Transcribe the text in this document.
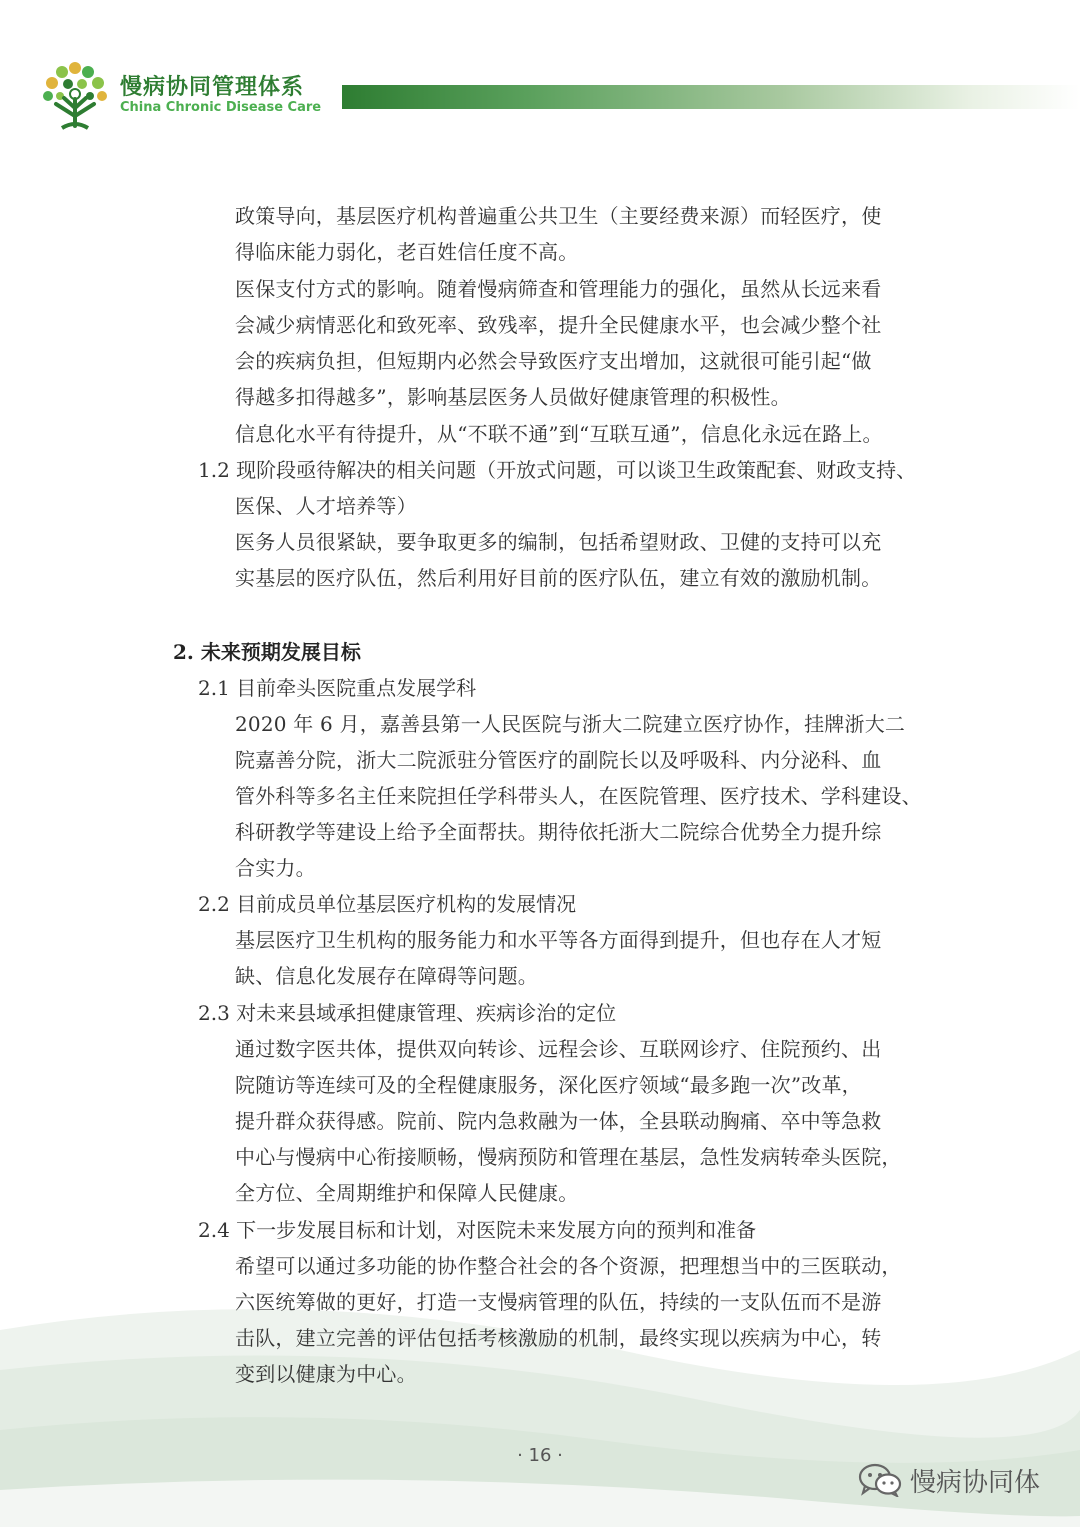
慢病协同管理体系
China Chronic Disease Care
政策导向，基层医疗机构普遍重公共卫生（主要经费来源）而轻医疗，使
得临床能力弱化，老百姓信任度不高。
医保支付方式的影响。随着慢病筛查和管理能力的强化，虽然从长远来看
会减少病情恶化和致死率、致残率，提升全民健康水平，也会减少整个社
会的疾病负担，但短期内必然会导致医疗支出增加，这就很可能引起“做
得越多扣得越多”，影响基层医务人员做好健康管理的积极性。
信息化水平有待提升，从“不联不通”到“互联互通”，信息化永远在路上。
1.2 现阶段亟待解决的相关问题（开放式问题，可以谈卫生政策配套、财政支持、
医保、人才培养等）
医务人员很紧缺，要争取更多的编制，包括希望财政、卫健的支持可以充
实基层的医疗队伍，然后利用好目前的医疗队伍，建立有效的激励机制。
2. 未来预期发展目标
2.1 目前牵头医院重点发展学科
2020 年 6 月，嘉善县第一人民医院与浙大二院建立医疗协作，挂牌浙大二
院嘉善分院，浙大二院派驻分管医疗的副院长以及呼吸科、内分泌科、血
管外科等多名主任来院担任学科带头人，在医院管理、医疗技术、学科建设、
科研教学等建设上给予全面帮扶。期待依托浙大二院综合优势全力提升综
合实力。
2.2 目前成员单位基层医疗机构的发展情况
基层医疗卫生机构的服务能力和水平等各方面得到提升，但也存在人才短
缺、信息化发展存在障碍等问题。
2.3 对未来县域承担健康管理、疾病诊治的定位
通过数字医共体，提供双向转诊、远程会诊、互联网诊疗、住院预约、出
院随访等连续可及的全程健康服务，深化医疗领域“最多跑一次”改革，
提升群众获得感。院前、院内急救融为一体，全县联动胸痛、卒中等急救
中心与慢病中心衔接顺畅，慢病预防和管理在基层，急性发病转牵头医院，
全方位、全周期维护和保障人民健康。
2.4 下一步发展目标和计划，对医院未来发展方向的预判和准备
希望可以通过多功能的协作整合社会的各个资源，把理想当中的三医联动，
六医统筹做的更好，打造一支慢病管理的队伍，持续的一支队伍而不是游
击队，建立完善的评估包括考核激励的机制，最终实现以疾病为中心，转
变到以健康为中心。
· 16 ·
慢病协同体
